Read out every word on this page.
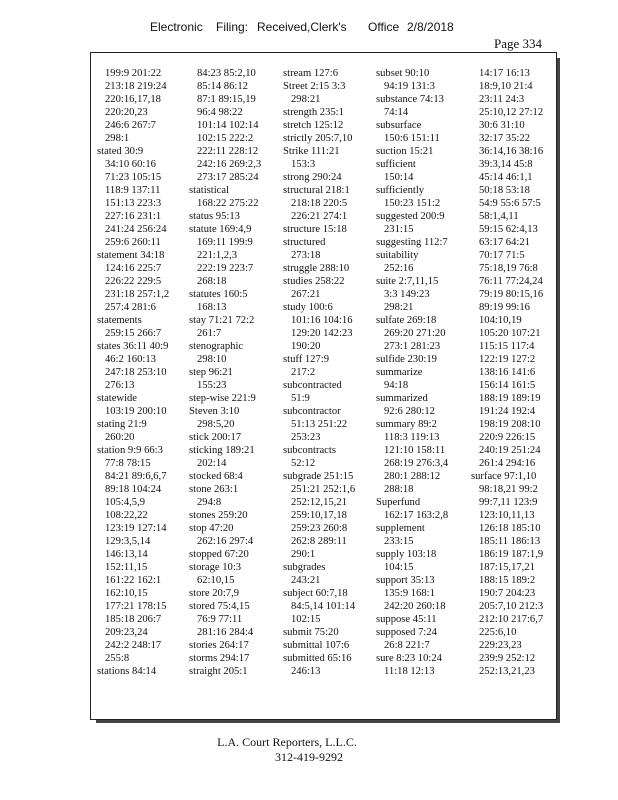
Electronic Filing: Received,Clerk's Office 2/8/2018
Page 334
199:9 201:22
213:18 219:24
220:16,17,18
220:20,23
246:6 267:7
298:1
stated 30:9
34:10 60:16
71:23 105:15
118:9 137:11
151:13 223:3
227:16 231:1
241:24 256:24
259:6 260:11
statement 34:18
124:16 225:7
226:22 229:5
231:18 257:1,2
257:4 281:6
statements
259:15 266:7
states 36:11 40:9
46:2 160:13
247:18 253:10
276:13
statewide
103:19 200:10
stating 21:9
260:20
station 9:9 66:3
77:8 78:15
84:21 89:6,6,7
89:18 104:24
105:4,5,9
108:22,22
123:19 127:14
129:3,5,14
146:13,14
152:11,15
161:22 162:1
162:10,15
177:21 178:15
185:18 206:7
209:23,24
242:2 248:17
255:8
stations 84:14
84:23 85:2,10
85:14 86:12
87:1 89:15,19
96:4 98:22
101:14 102:14
102:15 222:2
222:11 228:12
242:16 269:2,3
273:17 285:24
statistical
168:22 275:22
status 95:13
statute 169:4,9
169:11 199:9
221:1,2,3
222:19 223:7
268:18
statutes 160:5
168:13
stay 71:21 72:2
261:7
stenographic
298:10
step 96:21
155:23
step-wise 221:9
Steven 3:10
298:5,20
stick 200:17
sticking 189:21
202:14
stocked 68:4
stone 263:1
294:8
stones 259:20
stop 47:20
262:16 297:4
stopped 67:20
storage 10:3
62:10,15
store 20:7,9
stored 75:4,15
76:9 77:11
281:16 284:4
stories 264:17
storms 294:17
straight 205:1
stream 127:6
Street 2:15 3:3
298:21
strength 235:1
stretch 125:12
strictly 205:7,10
Strike 111:21
153:3
strong 290:24
structural 218:1
218:18 220:5
226:21 274:1
structure 15:18
structured
273:18
struggle 288:10
studies 258:22
267:21
study 100:6
101:16 104:16
129:20 142:23
190:20
stuff 127:9
217:2
subcontracted
51:9
subcontractor
51:13 251:22
253:23
subcontracts
52:12
subgrade 251:15
251:21 252:1,6
252:12,15,21
259:10,17,18
259:23 260:8
262:8 289:11
290:1
subgrades
243:21
subject 60:7,18
84:5,14 101:14
102:15
submit 75:20
submittal 107:6
submitted 65:16
246:13
subset 90:10
94:19 131:3
substance 74:13
74:14
subsurface
150:6 151:11
suction 15:21
sufficient
150:14
sufficiently
150:23 151:2
suggested 200:9
231:15
suggesting 112:7
suitability
252:16
suite 2:7,11,15
3:3 149:23
298:21
sulfate 269:18
269:20 271:20
273:1 281:23
sulfide 230:19
summarize
94:18
summarized
92:6 280:12
summary 89:2
118:3 119:13
121:10 158:11
268:19 276:3,4
280:1 288:12
288:18
Superfund
162:17 163:2,8
supplement
233:15
supply 103:18
104:15
support 35:13
135:9 168:1
242:20 260:18
suppose 45:11
supposed 7:24
26:8 221:7
sure 8:23 10:24
11:18 12:13
14:17 16:13
18:9,10 21:4
23:11 24:3
25:10,12 27:12
30:6 31:10
32:17 35:22
36:14,16 38:16
39:3,14 45:8
45:14 46:1,1
50:18 53:18
54:9 55:6 57:5
58:1,4,11
59:15 62:4,13
63:17 64:21
70:17 71:5
75:18,19 76:8
76:11 77:24,24
79:19 80:15,16
89:19 99:16
104:10,19
105:20 107:21
115:15 117:4
122:19 127:2
138:16 141:6
156:14 161:5
188:19 189:19
191:24 192:4
198:19 208:10
220:9 226:15
240:19 251:24
261:4 294:16
surface 97:1,10
98:18,21 99:2
99:7,11 123:9
123:10,11,13
126:18 185:10
185:11 186:13
186:19 187:1,9
187:15,17,21
188:15 189:2
190:7 204:23
205:7,10 212:3
212:10 217:6,7
225:6,10
229:23,23
239:9 252:12
252:13,21,23
L.A. Court Reporters, L.L.C.
312-419-9292
